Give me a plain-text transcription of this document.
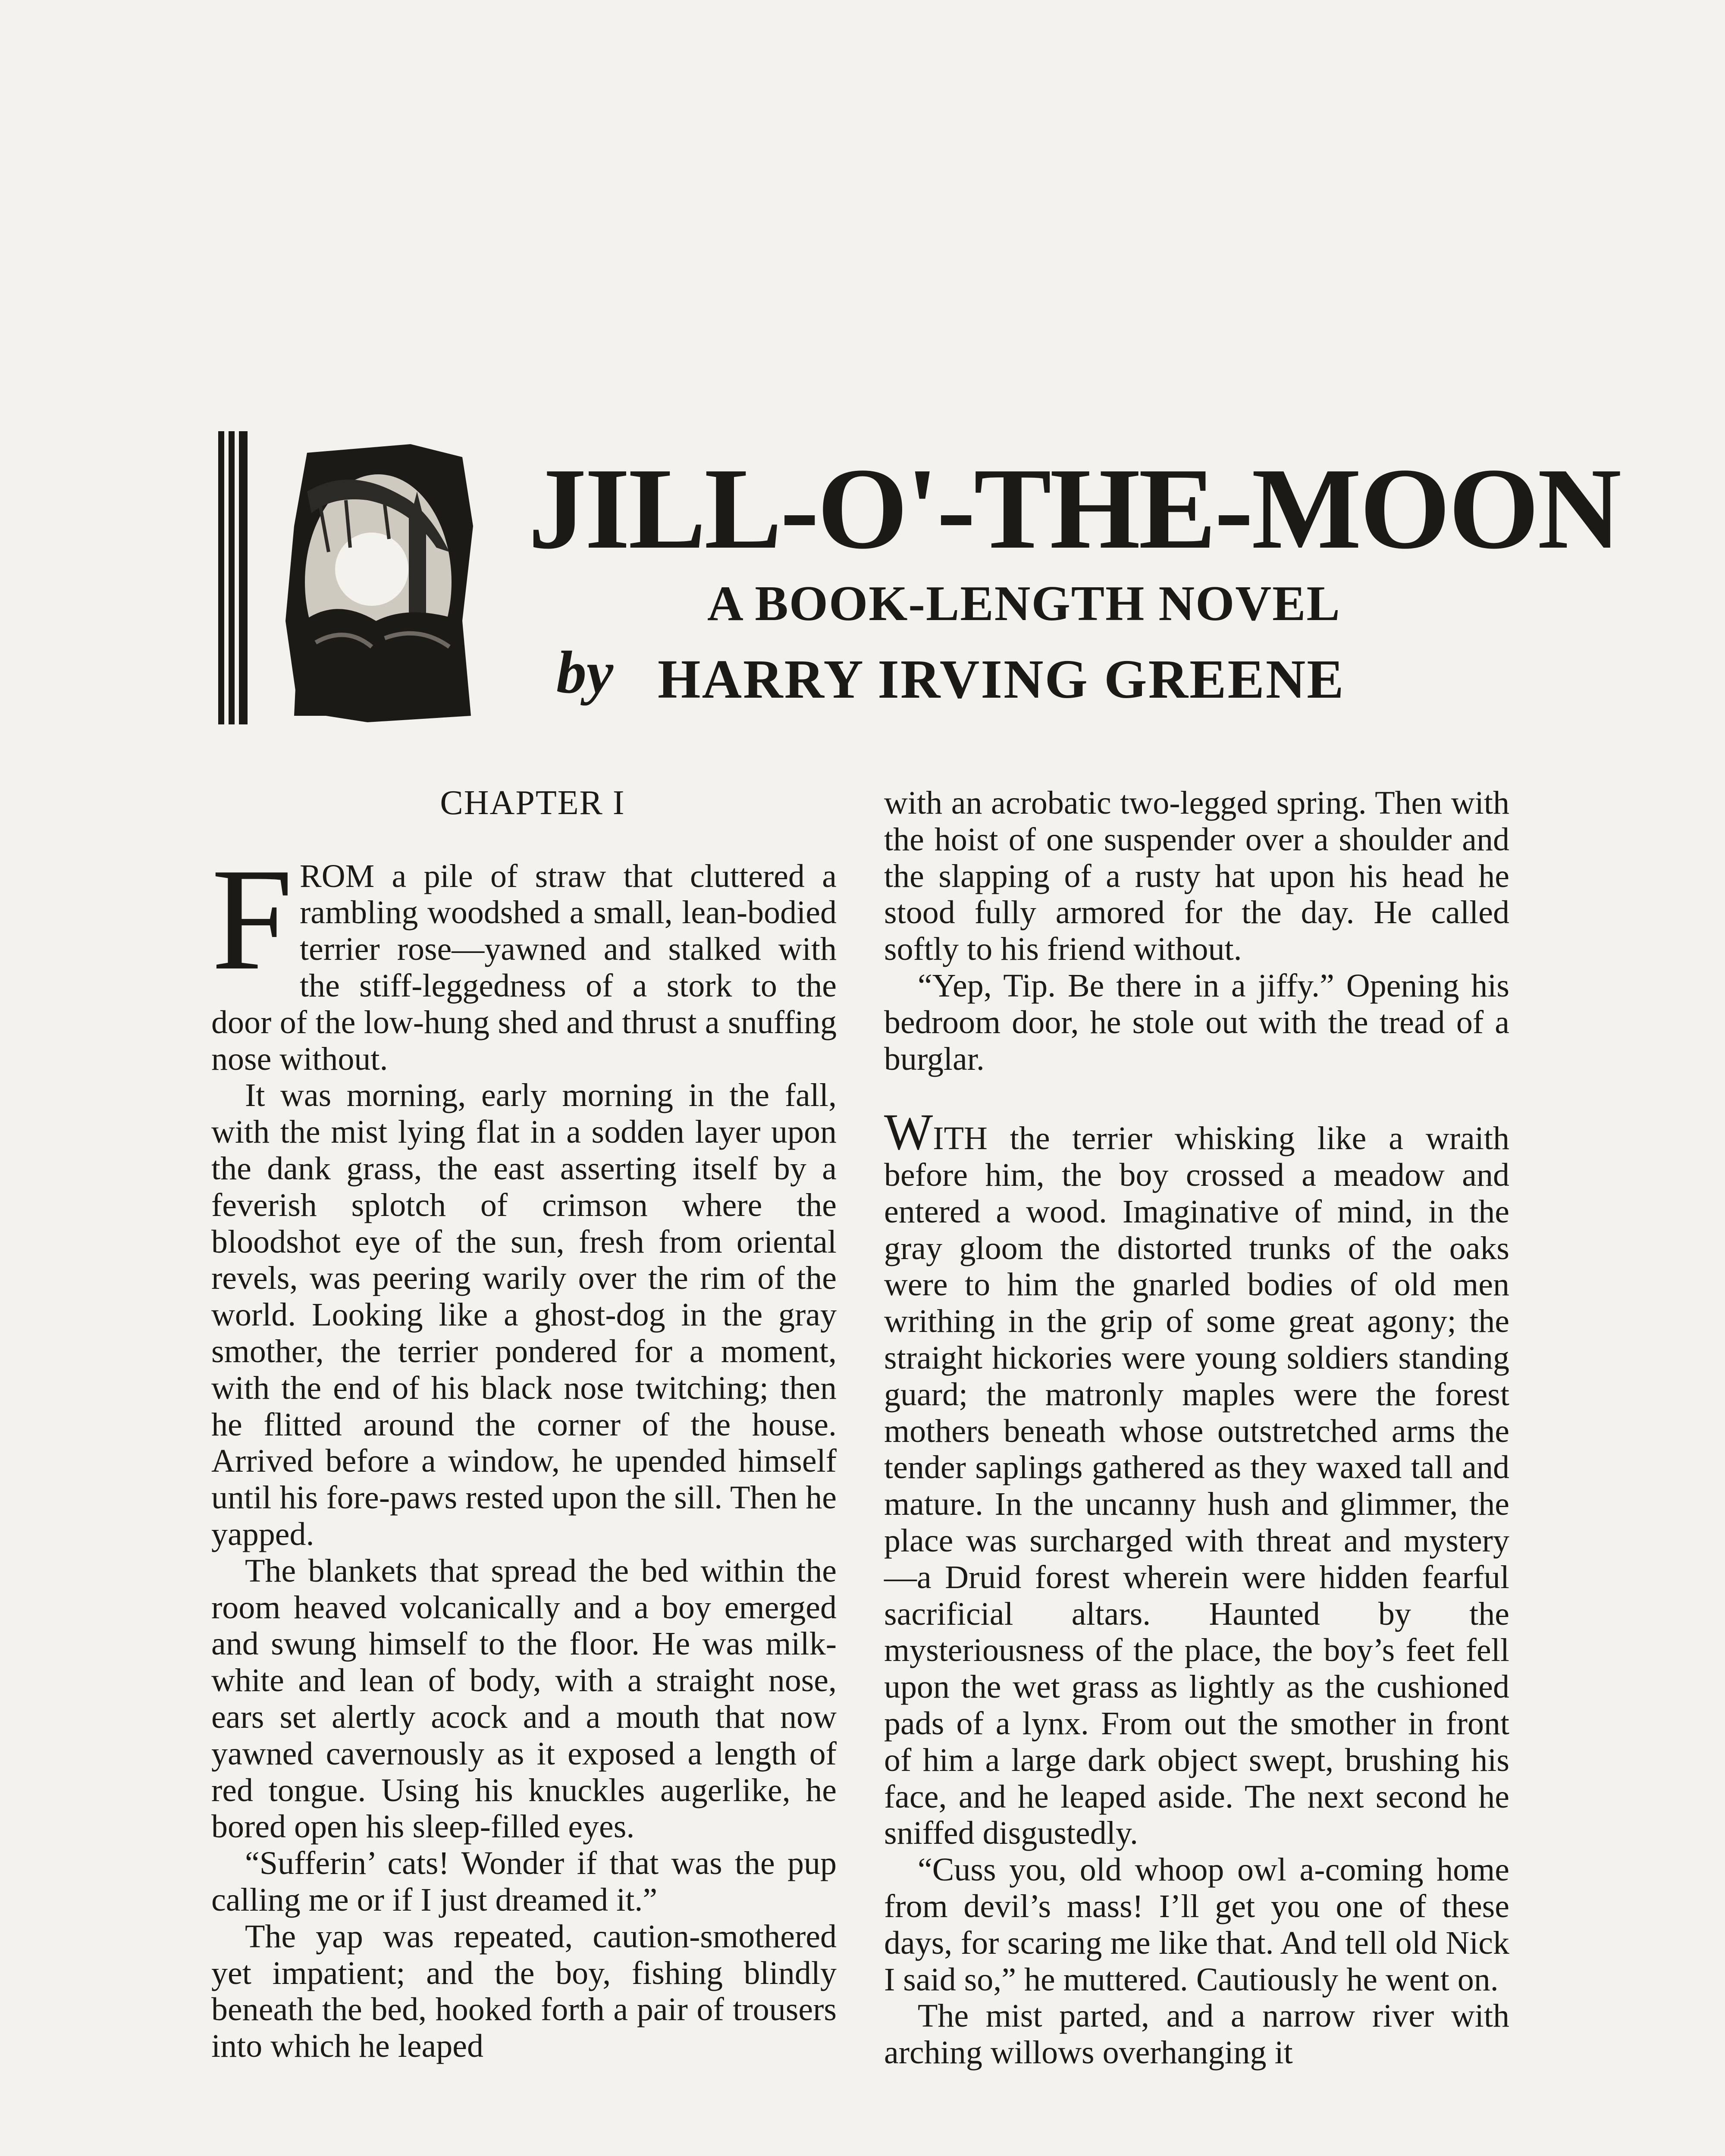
JILL-O'-THE-MOON
A BOOK-LENGTH NOVEL
by HARRY IRVING GREENE
CHAPTER I

FROM a pile of straw that cluttered a rambling woodshed a small, lean-bodied terrier rose—yawned and stalked with the stiff-leggedness of a stork to the door of the low-hung shed and thrust a snuffing nose without.

It was morning, early morning in the fall, with the mist lying flat in a sodden layer upon the dank grass, the east asserting itself by a feverish splotch of crimson where the bloodshot eye of the sun, fresh from oriental revels, was peering warily over the rim of the world. Looking like a ghost-dog in the gray smother, the terrier pondered for a moment, with the end of his black nose twitching; then he flitted around the corner of the house. Arrived before a window, he upended himself until his fore-paws rested upon the sill. Then he yapped.

The blankets that spread the bed within the room heaved volcanically and a boy emerged and swung himself to the floor. He was milk-white and lean of body, with a straight nose, ears set alertly acock and a mouth that now yawned cavernously as it exposed a length of red tongue. Using his knuckles augerlike, he bored open his sleep-filled eyes.

“Sufferin’ cats! Wonder if that was the pup calling me or if I just dreamed it.”

The yap was repeated, caution-smothered yet impatient; and the boy, fishing blindly beneath the bed, hooked forth a pair of trousers into which he leaped

with an acrobatic two-legged spring. Then with the hoist of one suspender over a shoulder and the slapping of a rusty hat upon his head he stood fully armored for the day. He called softly to his friend without.

“Yep, Tip. Be there in a jiffy.” Opening his bedroom door, he stole out with the tread of a burglar.

WITH the terrier whisking like a wraith before him, the boy crossed a meadow and entered a wood. Imaginative of mind, in the gray gloom the distorted trunks of the oaks were to him the gnarled bodies of old men writhing in the grip of some great agony; the straight hickories were young soldiers standing guard; the matronly maples were the forest mothers beneath whose outstretched arms the tender saplings gathered as they waxed tall and mature. In the uncanny hush and glimmer, the place was surcharged with threat and mystery—a Druid forest wherein were hidden fearful sacrificial altars. Haunted by the mysteriousness of the place, the boy’s feet fell upon the wet grass as lightly as the cushioned pads of a lynx. From out the smother in front of him a large dark object swept, brushing his face, and he leaped aside. The next second he sniffed disgustedly.

“Cuss you, old whoop owl a-coming home from devil’s mass! I’ll get you one of these days, for scaring me like that. And tell old Nick I said so,” he muttered. Cautiously he went on.

The mist parted, and a narrow river with arching willows overhanging it
